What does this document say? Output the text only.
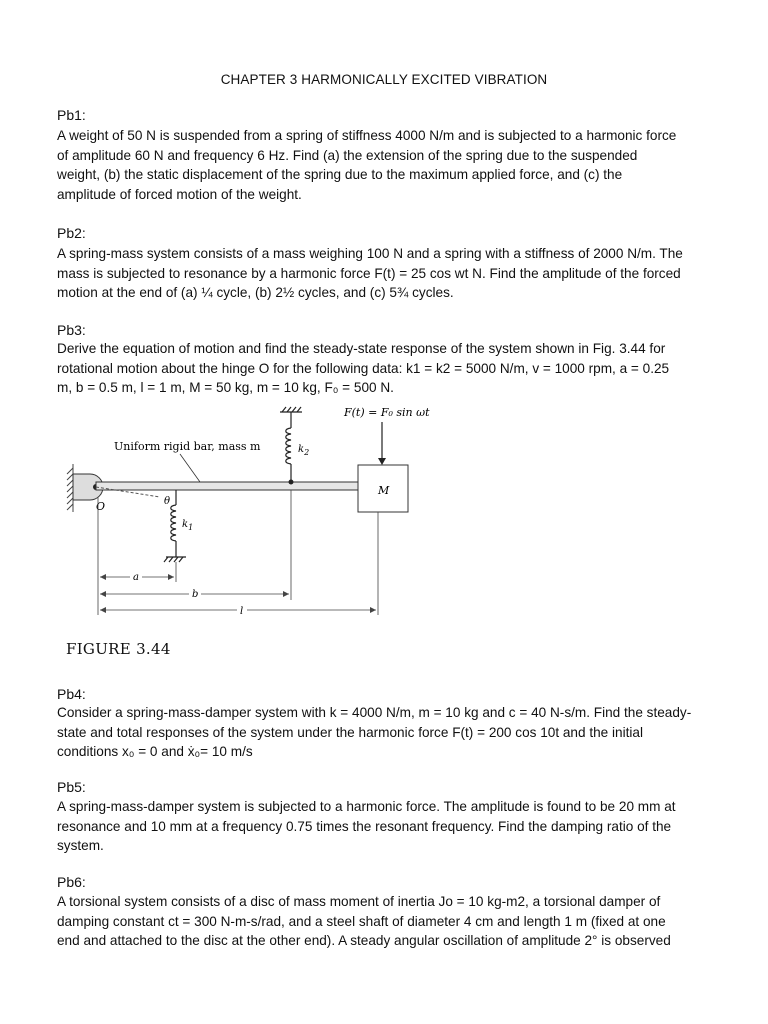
CHAPTER 3 HARMONICALLY EXCITED VIBRATION
Pb1:
A weight of 50 N is suspended from a spring of stiffness 4000 N/m and is subjected to a harmonic force
of amplitude 60 N and frequency 6 Hz. Find (a) the extension of the spring due to the suspended
weight, (b) the static displacement of the spring due to the maximum applied force, and (c) the
amplitude of forced motion of the weight.
Pb2:
A spring-mass system consists of a mass weighing 100 N and a spring with a stiffness of 2000 N/m. The
mass is subjected to resonance by a harmonic force F(t) = 25 cos wt N. Find the amplitude of the forced
motion at the end of (a) ¼ cycle, (b) 2½ cycles, and (c) 5¾ cycles.
Pb3:
Derive the equation of motion and find the steady-state response of the system shown in Fig. 3.44 for
rotational motion about the hinge O for the following data: k1 = k2 = 5000 N/m, v = 1000 rpm, a = 0.25
m, b = 0.5 m, l = 1 m, M = 50 kg, m = 10 kg, F₀ = 500 N.
O	θ
Uniform rigid bar, mass m
$k_1$
$k_2$
M
F(t) = F₀ sin ωt
a
b
l
FIGURE 3.44
Pb4:
Consider a spring-mass-damper system with k = 4000 N/m, m = 10 kg and c = 40 N-s/m. Find the steady-
state and total responses of the system under the harmonic force F(t) = 200 cos 10t and the initial
conditions x₀ = 0 and ẋ₀= 10 m/s
Pb5:
A spring-mass-damper system is subjected to a harmonic force. The amplitude is found to be 20 mm at
resonance and 10 mm at a frequency 0.75 times the resonant frequency. Find the damping ratio of the
system.
Pb6:
A torsional system consists of a disc of mass moment of inertia Jo = 10 kg-m2, a torsional damper of
damping constant ct = 300 N-m-s/rad, and a steel shaft of diameter 4 cm and length 1 m (fixed at one
end and attached to the disc at the other end). A steady angular oscillation of amplitude 2° is observed
